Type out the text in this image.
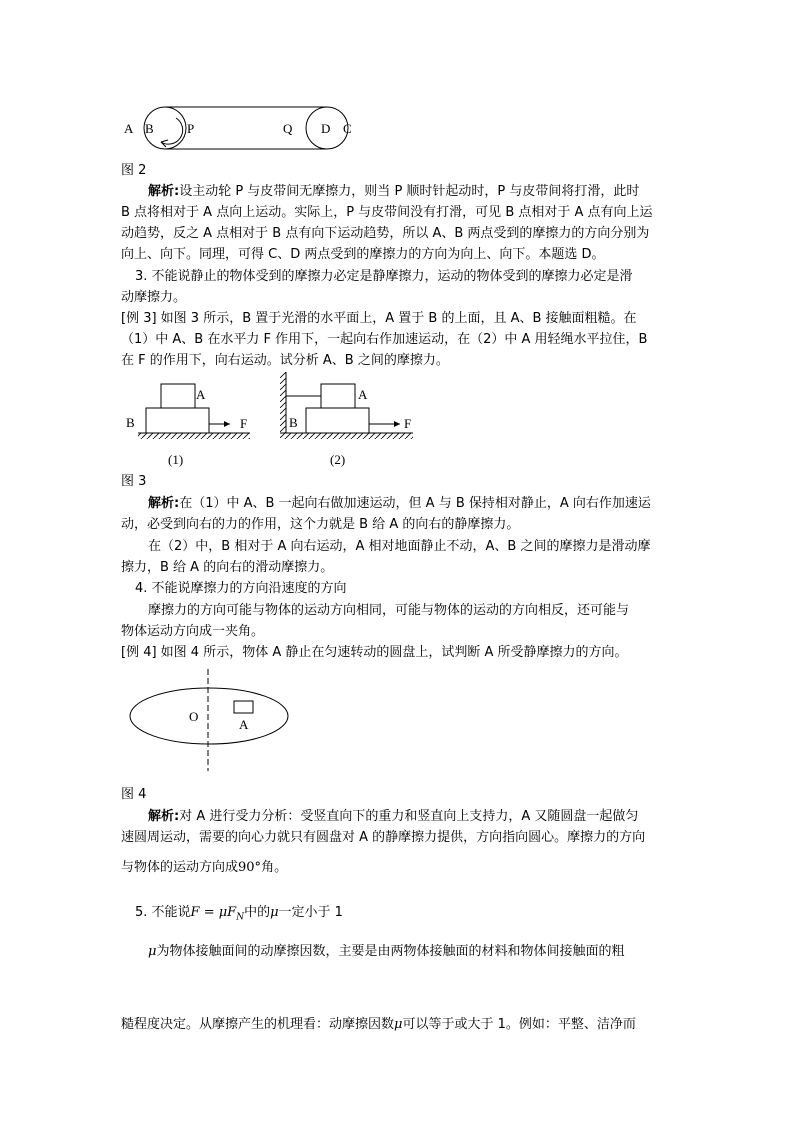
A B	P	Q D C
图 2
解析:设主动轮 P 与皮带间无摩擦力，则当 P 顺时针起动时，P 与皮带间将打滑，此时
B 点将相对于 A 点向上运动。实际上，P 与皮带间没有打滑，可见 B 点相对于 A 点有向上运
动趋势，反之 A 点相对于 B 点有向下运动趋势，所以 A、B 两点受到的摩擦力的方向分别为
向上、向下。同理，可得 C、D 两点受到的摩擦力的方向为向上、向下。本题选 D。
3. 不能说静止的物体受到的摩擦力必定是静摩擦力，运动的物体受到的摩擦力必定是滑
动摩擦力。
[例 3] 如图 3 所示，B 置于光滑的水平面上，A 置于 B 的上面，且 A、B 接触面粗糙。在
（1）中 A、B 在水平力 F 作用下，一起向右作加速运动，在（2）中 A 用轻绳水平拉住，B
在 F 的作用下，向右运动。试分析 A、B 之间的摩擦力。
A
B	F
(1)
A
B	F
(2)
图 3
解析:在（1）中 A、B 一起向右做加速运动，但 A 与 B 保持相对静止，A 向右作加速运
动，必受到向右的力的作用，这个力就是 B 给 A 的向右的静摩擦力。
在（2）中，B 相对于 A 向右运动，A 相对地面静止不动，A、B 之间的摩擦力是滑动摩
擦力，B 给 A 的向右的滑动摩擦力。
4. 不能说摩擦力的方向沿速度的方向
摩擦力的方向可能与物体的运动方向相同，可能与物体的运动的方向相反，还可能与
物体运动方向成一夹角。
[例 4] 如图 4 所示，物体 A 静止在匀速转动的圆盘上，试判断 A 所受静摩擦力的方向。
O
A
图 4
解析:对 A 进行受力分析：受竖直向下的重力和竖直向上支持力，A 又随圆盘一起做匀
速圆周运动，需要的向心力就只有圆盘对 A 的静摩擦力提供，方向指向圆心。摩擦力的方向
与物体的运动方向成90°角。
5. 不能说$F = \mu F_N$中的μ一定小于 1
μ为物体接触面间的动摩擦因数，主要是由两物体接触面的材料和物体间接触面的粗
糙程度决定。从摩擦产生的机理看：动摩擦因数μ可以等于或大于 1。例如：平整、洁净而
